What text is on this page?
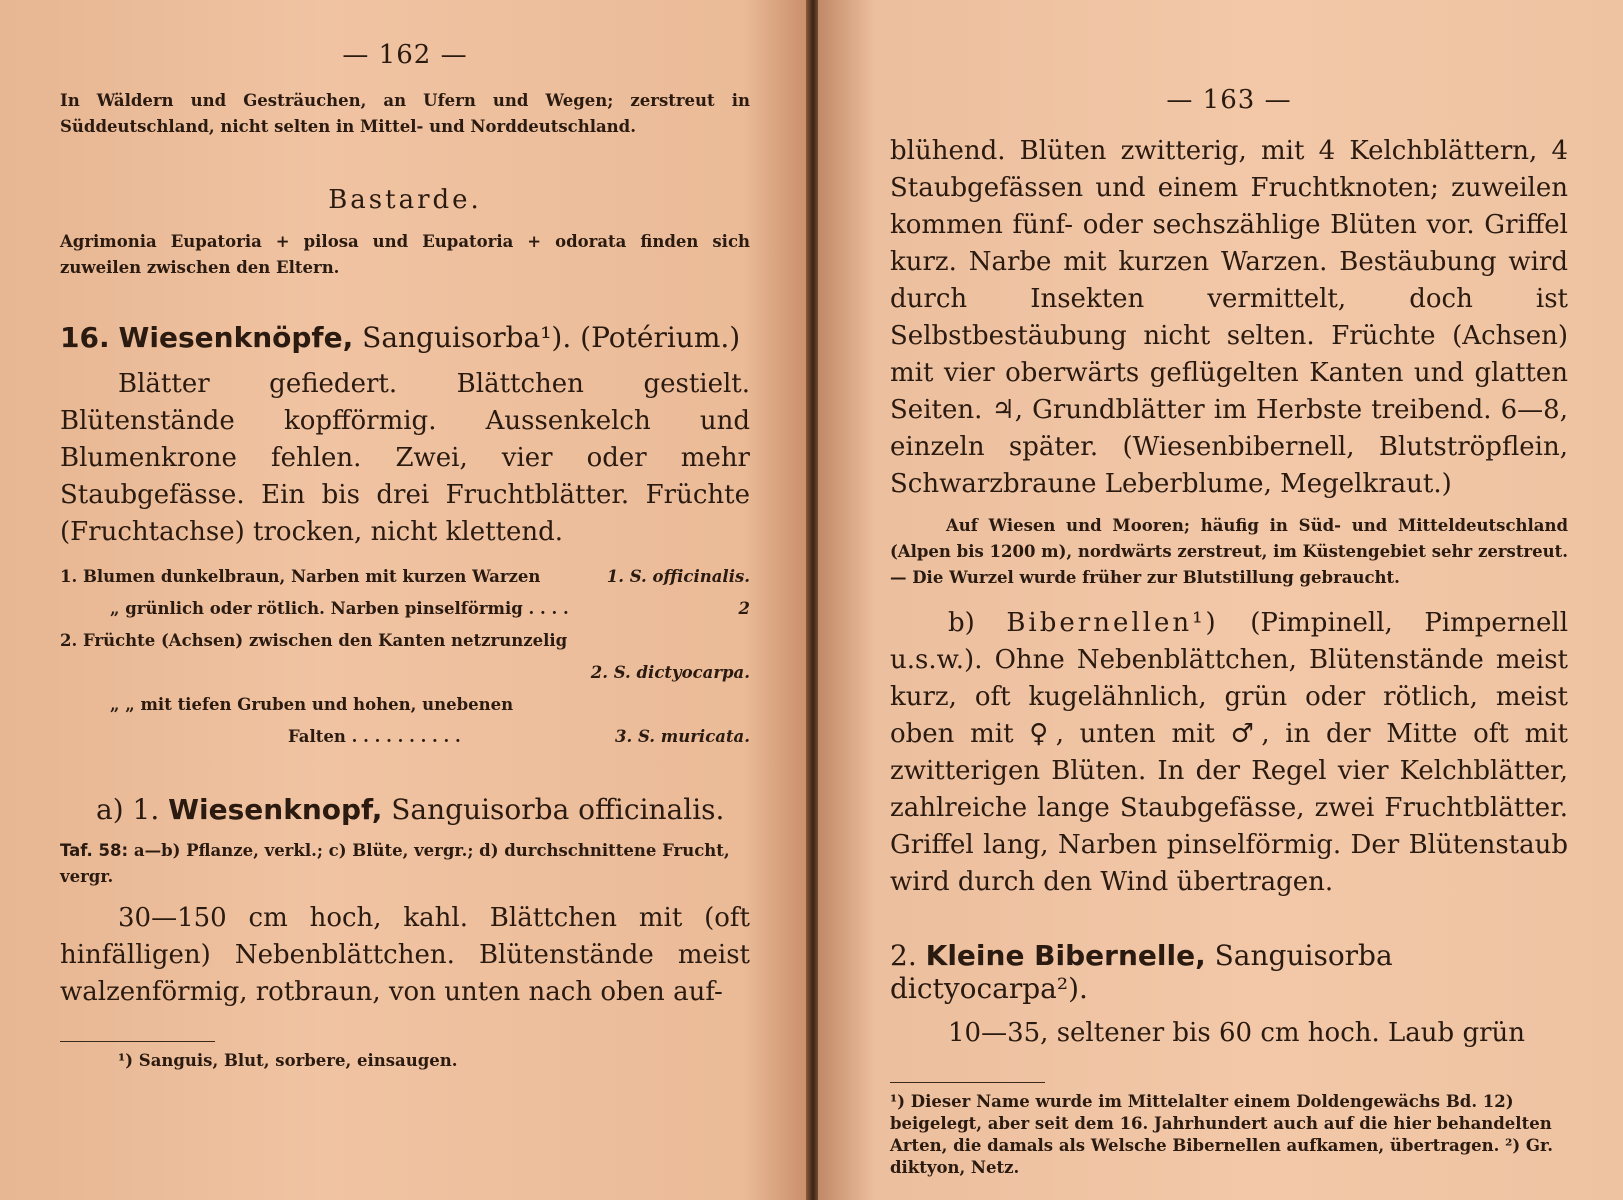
— 162 —

In Wäldern und Gesträuchen, an Ufern und Wegen; zerstreut in Süddeutschland, nicht selten in Mittel- und Norddeutschland.

Bastarde.

Agrimonia Eupatoria + pilosa und Eupatoria + odorata finden sich zuweilen zwischen den Eltern.

16. Wiesenknöpfe, Sanguisorba¹). (Potérium.)

Blätter gefiedert. Blättchen gestielt. Blütenstände kopfförmig. Aussenkelch und Blumenkrone fehlen. Zwei, vier oder mehr Staubgefässe. Ein bis drei Fruchtblätter. Früchte (Fruchtachse) trocken, nicht klettend.

1. Blumen dunkelbraun, Narben mit kurzen Warzen	1. S. officinalis.

„ grünlich oder rötlich. Narben pinselförmig . . . .	2

2. Früchte (Achsen) zwischen den Kanten netzrunzelig

2. S. dictyocarpa.

„ „ mit tiefen Gruben und hohen, unebenen

Falten . . . . . . . . . .	3. S. muricata.

a) 1. Wiesenknopf, Sanguisorba officinalis.

Taf. 58: a—b) Pflanze, verkl.; c) Blüte, vergr.; d) durchschnittene Frucht, vergr.

30—150 cm hoch, kahl. Blättchen mit (oft hinfälligen) Nebenblättchen. Blütenstände meist walzenförmig, rotbraun, von unten nach oben auf-

¹) Sanguis, Blut, sorbere, einsaugen.

— 163 —

blühend. Blüten zwitterig, mit 4 Kelchblättern, 4 Staubgefässen und einem Fruchtknoten; zuweilen kommen fünf- oder sechszählige Blüten vor. Griffel kurz. Narbe mit kurzen Warzen. Bestäubung wird durch Insekten vermittelt, doch ist Selbstbestäubung nicht selten. Früchte (Achsen) mit vier oberwärts geflügelten Kanten und glatten Seiten. ♃, Grundblätter im Herbste treibend. 6—8, einzeln später. (Wiesenbibernell, Blutströpflein, Schwarzbraune Leberblume, Megelkraut.)

Auf Wiesen und Mooren; häufig in Süd- und Mitteldeutschland (Alpen bis 1200 m), nordwärts zerstreut, im Küstengebiet sehr zerstreut. — Die Wurzel wurde früher zur Blutstillung gebraucht.

b) Bibernellen¹) (Pimpinell, Pimpernell u.s.w.). Ohne Nebenblättchen, Blütenstände meist kurz, oft kugelähnlich, grün oder rötlich, meist oben mit ♀, unten mit ♂, in der Mitte oft mit zwitterigen Blüten. In der Regel vier Kelchblätter, zahlreiche lange Staubgefässe, zwei Fruchtblätter. Griffel lang, Narben pinselförmig. Der Blütenstaub wird durch den Wind übertragen.

2. Kleine Bibernelle, Sanguisorba dictyocarpa²).

10—35, seltener bis 60 cm hoch. Laub grün

¹) Dieser Name wurde im Mittelalter einem Doldengewächs Bd. 12) beigelegt, aber seit dem 16. Jahrhundert auch auf die hier behandelten Arten, die damals als Welsche Bibernellen aufkamen, übertragen. ²) Gr. diktyon, Netz.
